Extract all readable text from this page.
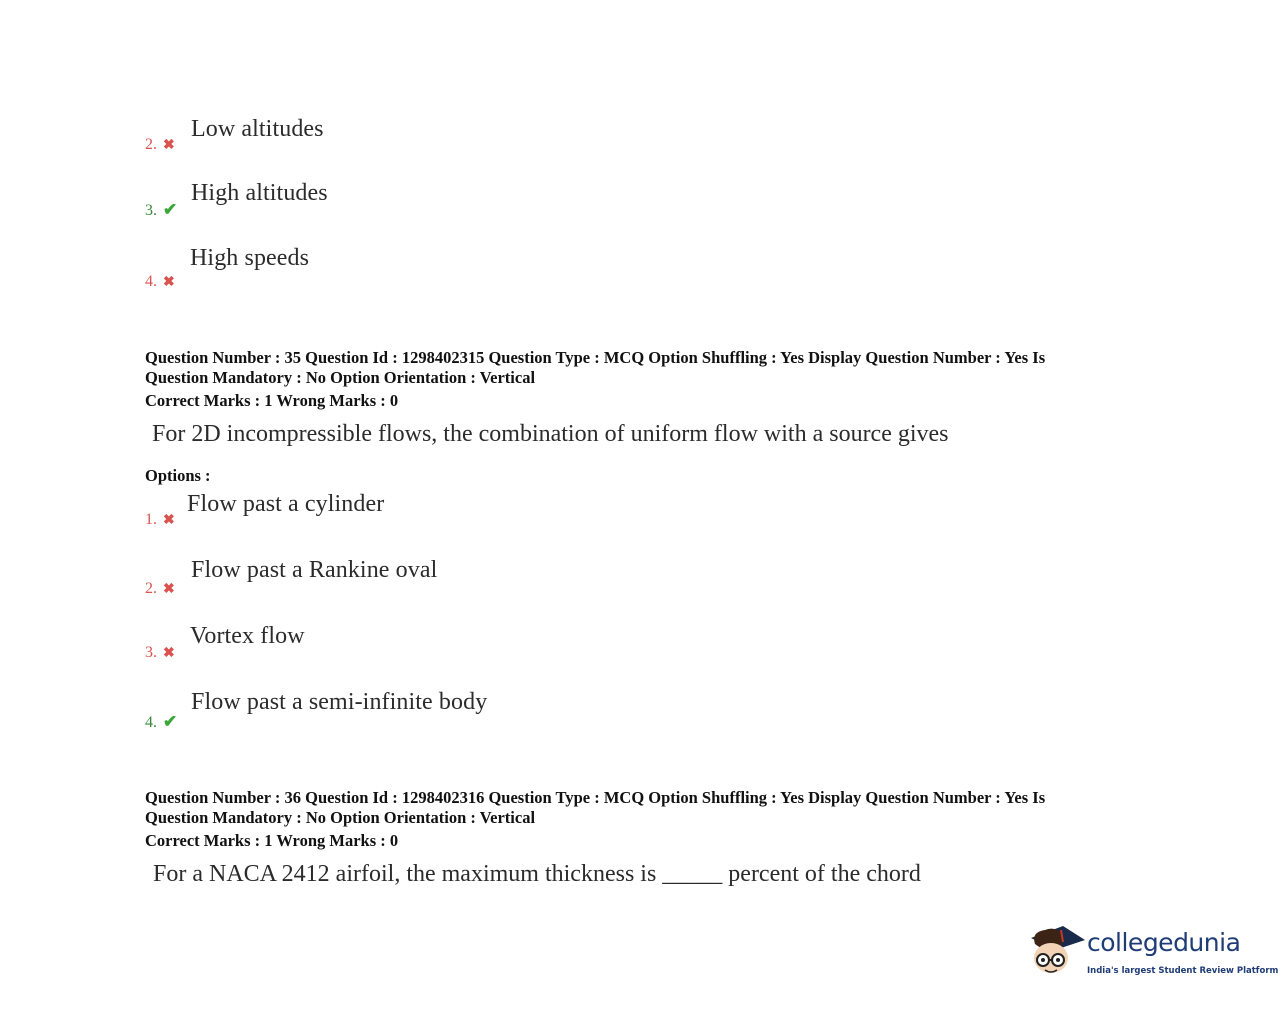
Low altitudes
2. ✖
High altitudes
3. ✔
High speeds
4. ✖
Question Number : 35 Question Id : 1298402315 Question Type : MCQ Option Shuffling : Yes Display Question Number : Yes Is
Question Mandatory : No Option Orientation : Vertical
Correct Marks : 1 Wrong Marks : 0
For 2D incompressible flows, the combination of uniform flow with a source gives
Options :
Flow past a cylinder
1. ✖
Flow past a Rankine oval
2. ✖
Vortex flow
3. ✖
Flow past a semi-infinite body
4. ✔
Question Number : 36 Question Id : 1298402316 Question Type : MCQ Option Shuffling : Yes Display Question Number : Yes Is
Question Mandatory : No Option Orientation : Vertical
Correct Marks : 1 Wrong Marks : 0
For a NACA 2412 airfoil, the maximum thickness is _____ percent of the chord
collegedunia
India's largest Student Review Platform
